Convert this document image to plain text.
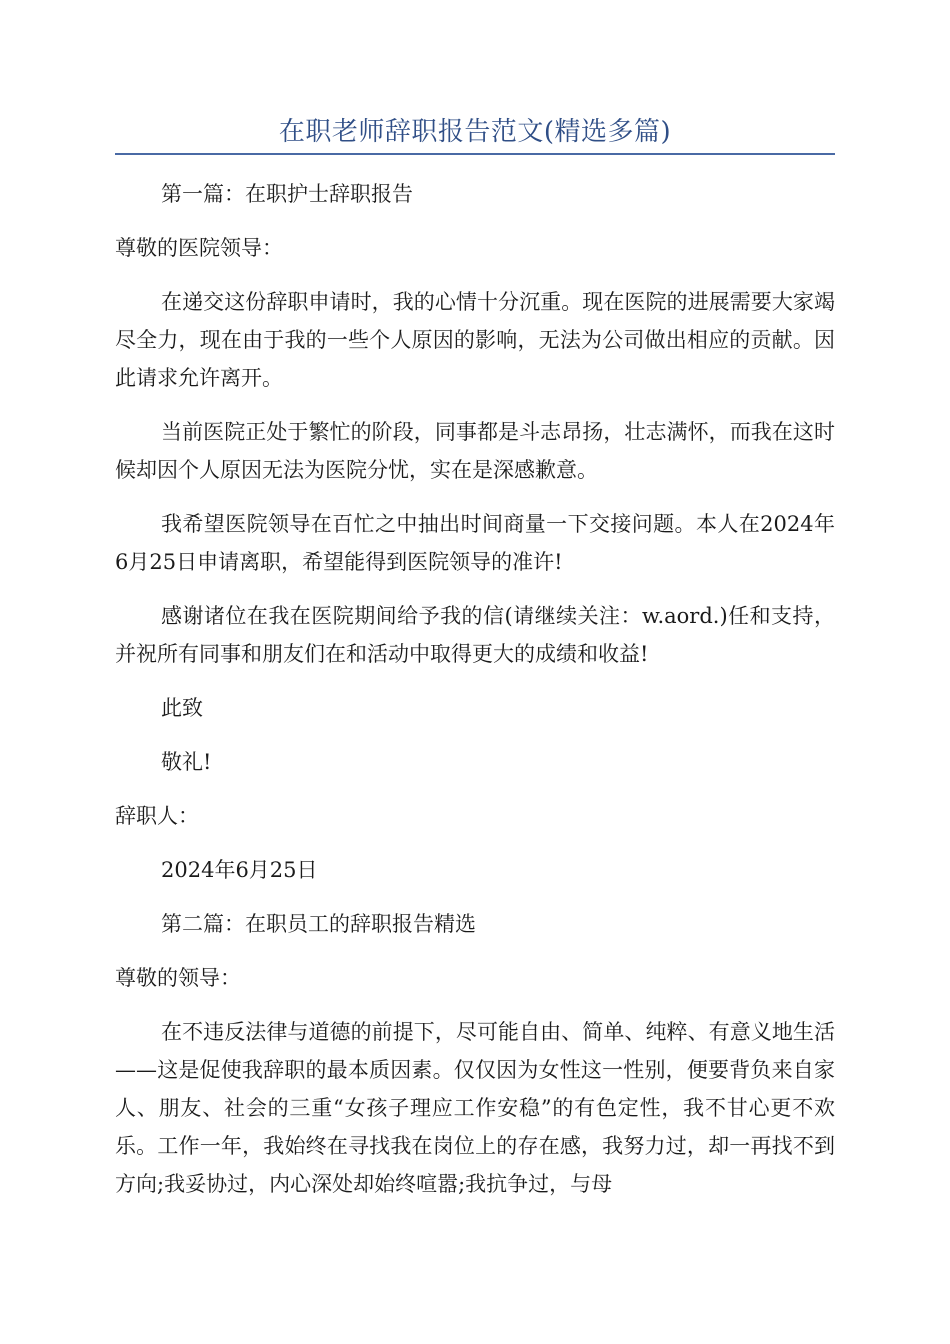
在职老师辞职报告范文(精选多篇)

第一篇：在职护士辞职报告

尊敬的医院领导：

在递交这份辞职申请时，我的心情十分沉重。现在医院的进展需要大家竭尽全力，现在由于我的一些个人原因的影响，无法为公司做出相应的贡献。因此请求允许离开。

当前医院正处于繁忙的阶段，同事都是斗志昂扬，壮志满怀，而我在这时候却因个人原因无法为医院分忧，实在是深感歉意。

我希望医院领导在百忙之中抽出时间商量一下交接问题。本人在2024年6月25日申请离职，希望能得到医院领导的准许!

感谢诸位在我在医院期间给予我的信(请继续关注：w.aord.)任和支持，并祝所有同事和朋友们在和活动中取得更大的成绩和收益!

此致

敬礼!

辞职人：

2024年6月25日

第二篇：在职员工的辞职报告精选

尊敬的领导：

在不违反法律与道德的前提下，尽可能自由、简单、纯粹、有意义地生活——这是促使我辞职的最本质因素。仅仅因为女性这一性别，便要背负来自家人、朋友、社会的三重“女孩子理应工作安稳”的有色定性，我不甘心更不欢乐。工作一年，我始终在寻找我在岗位上的存在感，我努力过，却一再找不到方向;我妥协过，内心深处却始终喧嚣;我抗争过，与母
